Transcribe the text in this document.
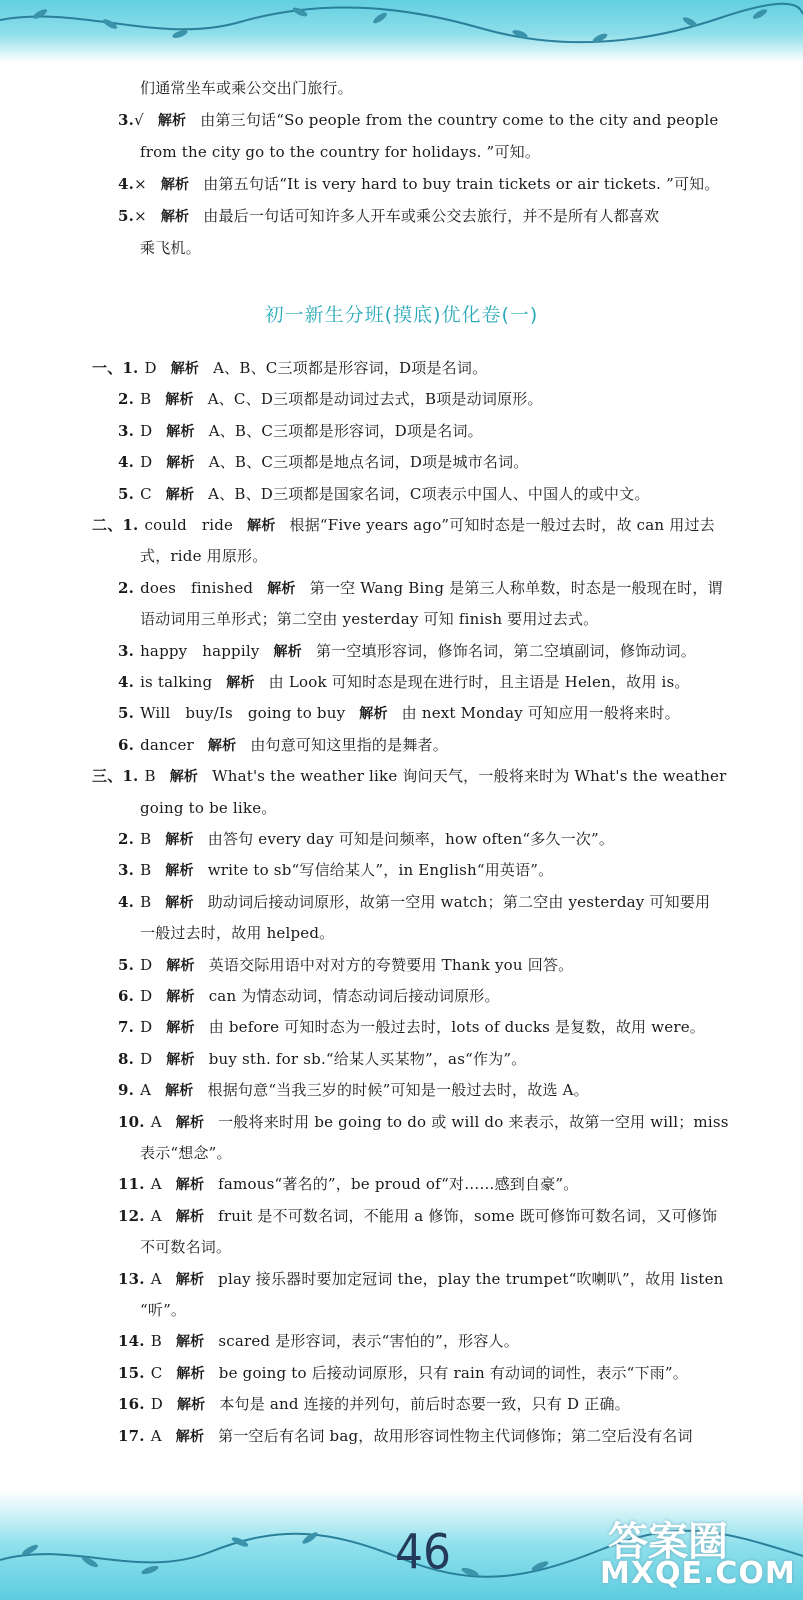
们通常坐车或乘公交出门旅行。
3.√ 解析 由第三句话“So people from the country come to the city and people
from the city go to the country for holidays. ”可知。
4.× 解析 由第五句话“It is very hard to buy train tickets or air tickets. ”可知。
5.× 解析 由最后一句话可知许多人开车或乘公交去旅行，并不是所有人都喜欢
乘飞机。
初一新生分班(摸底)优化卷(一)
一、1. D 解析 A、B、C三项都是形容词，D项是名词。
2. B 解析 A、C、D三项都是动词过去式，B项是动词原形。
3. D 解析 A、B、C三项都是形容词，D项是名词。
4. D 解析 A、B、C三项都是地点名词，D项是城市名词。
5. C 解析 A、B、D三项都是国家名词，C项表示中国人、中国人的或中文。
二、1. could   ride 解析 根据“Five years ago”可知时态是一般过去时，故 can 用过去
式，ride 用原形。
2. does   finished 解析 第一空 Wang Bing 是第三人称单数，时态是一般现在时，谓
语动词用三单形式；第二空由 yesterday 可知 finish 要用过去式。
3. happy   happily 解析 第一空填形容词，修饰名词，第二空填副词，修饰动词。
4. is talking 解析 由 Look 可知时态是现在进行时，且主语是 Helen，故用 is。
5. Will   buy/Is   going to buy 解析 由 next Monday 可知应用一般将来时。
6. dancer 解析 由句意可知这里指的是舞者。
三、1. B 解析 What's the weather like 询问天气，一般将来时为 What's the weather
going to be like。
2. B 解析 由答句 every day 可知是问频率，how often“多久一次”。
3. B 解析 write to sb“写信给某人”，in English“用英语”。
4. B 解析 助动词后接动词原形，故第一空用 watch；第二空由 yesterday 可知要用
一般过去时，故用 helped。
5. D 解析 英语交际用语中对对方的夸赞要用 Thank you 回答。
6. D 解析 can 为情态动词，情态动词后接动词原形。
7. D 解析 由 before 可知时态为一般过去时，lots of ducks 是复数，故用 were。
8. D 解析 buy sth. for sb.“给某人买某物”，as“作为”。
9. A 解析 根据句意“当我三岁的时候”可知是一般过去时，故选 A。
10. A 解析 一般将来时用 be going to do 或 will do 来表示，故第一空用 will；miss
表示“想念”。
11. A 解析 famous“著名的”，be proud of“对……感到自豪”。
12. A 解析 fruit 是不可数名词，不能用 a 修饰，some 既可修饰可数名词，又可修饰
不可数名词。
13. A 解析 play 接乐器时要加定冠词 the，play the trumpet“吹喇叭”，故用 listen
“听”。
14. B 解析 scared 是形容词，表示“害怕的”，形容人。
15. C 解析 be going to 后接动词原形，只有 rain 有动词的词性，表示“下雨”。
16. D 解析 本句是 and 连接的并列句，前后时态要一致，只有 D 正确。
17. A 解析 第一空后有名词 bag，故用形容词性物主代词修饰；第二空后没有名词
46	答案圈
MXQE.COM
